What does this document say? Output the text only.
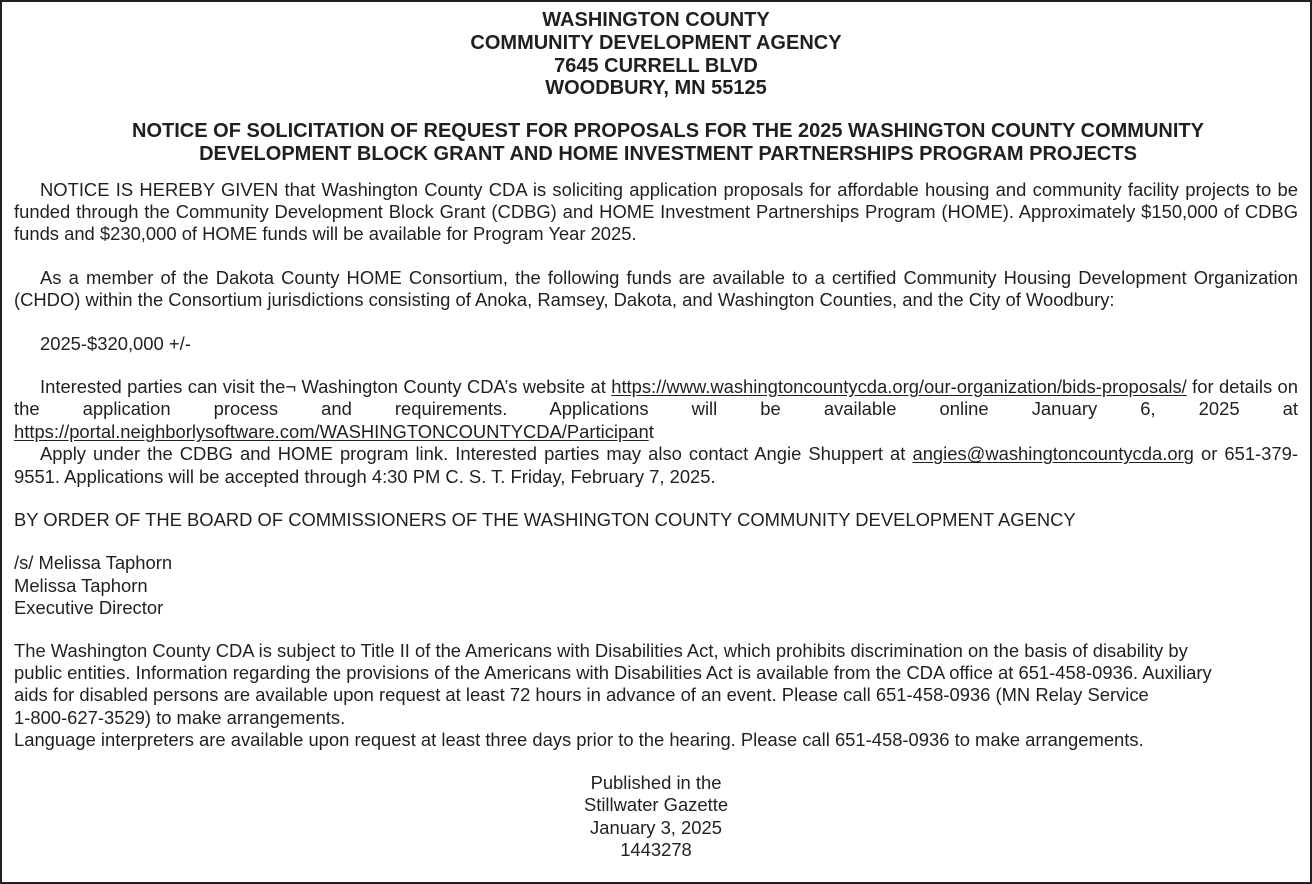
WASHINGTON COUNTY
COMMUNITY DEVELOPMENT AGENCY
7645 CURRELL BLVD
WOODBURY, MN 55125
NOTICE OF SOLICITATION OF REQUEST FOR PROPOSALS FOR THE 2025 WASHINGTON COUNTY COMMUNITY
DEVELOPMENT BLOCK GRANT AND HOME INVESTMENT PARTNERSHIPS PROGRAM PROJECTS

NOTICE IS HEREBY GIVEN that Washington County CDA is soliciting application proposals for affordable housing and community facility projects to be funded through the Community Development Block Grant (CDBG) and HOME Investment Partnerships Program (HOME). Approximately $150,000 of CDBG funds and $230,000 of HOME funds will be available for Program Year 2025.

As a member of the Dakota County HOME Consortium, the following funds are available to a certified Community Housing Development Organization (CHDO) within the Consortium jurisdictions consisting of Anoka, Ramsey, Dakota, and Washington Counties, and the City of Woodbury:

2025-$320,000 +/-

Interested parties can visit the¬ Washington County CDA’s website at https://www.washingtoncountycda.org/our-organization/bids-proposals/ for details on the application process and requirements. Applications will be available online January 6, 2025 at https://portal.neighborlysoftware.com/WASHINGTONCOUNTYCDA/Participant

Apply under the CDBG and HOME program link. Interested parties may also contact Angie Shuppert at angies@washingtoncountycda.org or 651-379-9551. Applications will be accepted through 4:30 PM C. S. T. Friday, February 7, 2025.

BY ORDER OF THE BOARD OF COMMISSIONERS OF THE WASHINGTON COUNTY COMMUNITY DEVELOPMENT AGENCY

/s/ Melissa Taphorn
Melissa Taphorn
Executive Director
The Washington County CDA is subject to Title II of the Americans with Disabilities Act, which prohibits discrimination on the basis of disability by
public entities. Information regarding the provisions of the Americans with Disabilities Act is available from the CDA office at 651-458-0936. Auxiliary
aids for disabled persons are available upon request at least 72 hours in advance of an event. Please call 651-458-0936 (MN Relay Service
1-800-627-3529) to make arrangements.
Language interpreters are available upon request at least three days prior to the hearing. Please call 651-458-0936 to make arrangements.
Published in the
Stillwater Gazette
January 3, 2025
1443278
